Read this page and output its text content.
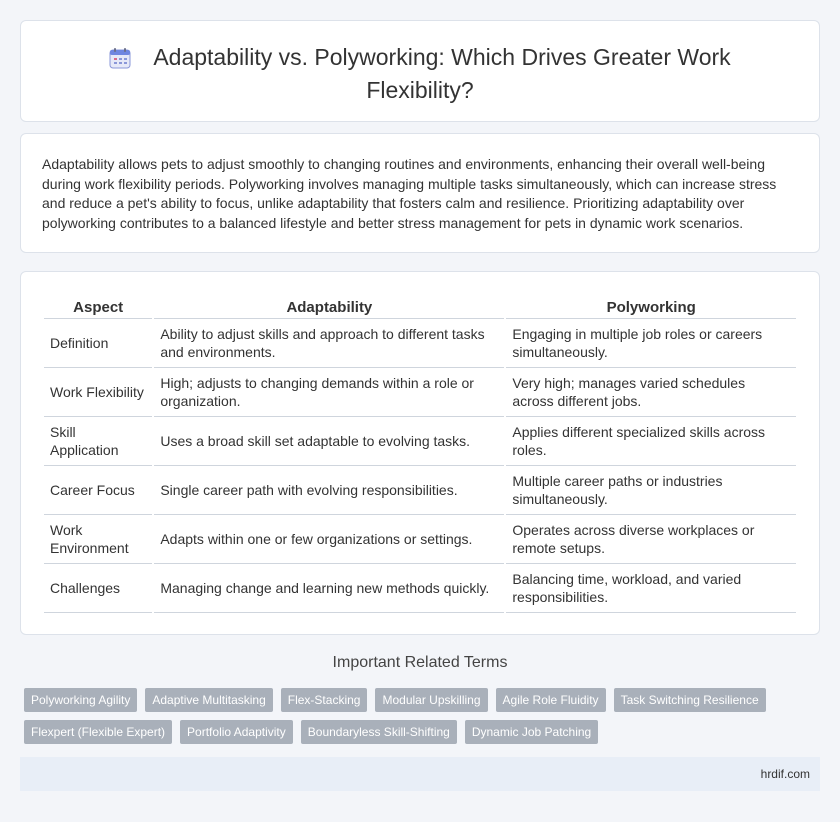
Adaptability vs. Polyworking: Which Drives Greater Work
Flexibility?
Adaptability allows pets to adjust smoothly to changing routines and environments, enhancing their overall well-being during work flexibility periods. Polyworking involves managing multiple tasks simultaneously, which can increase stress and reduce a pet's ability to focus, unlike adaptability that fosters calm and resilience. Prioritizing adaptability over polyworking contributes to a balanced lifestyle and better stress management for pets in dynamic work scenarios.
Aspect	Adaptability	Polyworking
Definition	Ability to adjust skills and approach to different tasks and environments.	Engaging in multiple job roles or careers simultaneously.
Work Flexibility	High; adjusts to changing demands within a role or organization.	Very high; manages varied schedules across different jobs.
Skill Application	Uses a broad skill set adaptable to evolving tasks.	Applies different specialized skills across roles.
Career Focus	Single career path with evolving responsibilities.	Multiple career paths or industries simultaneously.
Work Environment	Adapts within one or few organizations or settings.	Operates across diverse workplaces or remote setups.
Challenges	Managing change and learning new methods quickly.	Balancing time, workload, and varied responsibilities.
Important Related Terms
Polyworking Agility	Adaptive Multitasking	Flex-Stacking	Modular Upskilling	Agile Role Fluidity	Task Switching Resilience
Flexpert (Flexible Expert)	Portfolio Adaptivity	Boundaryless Skill-Shifting	Dynamic Job Patching
hrdif.com
